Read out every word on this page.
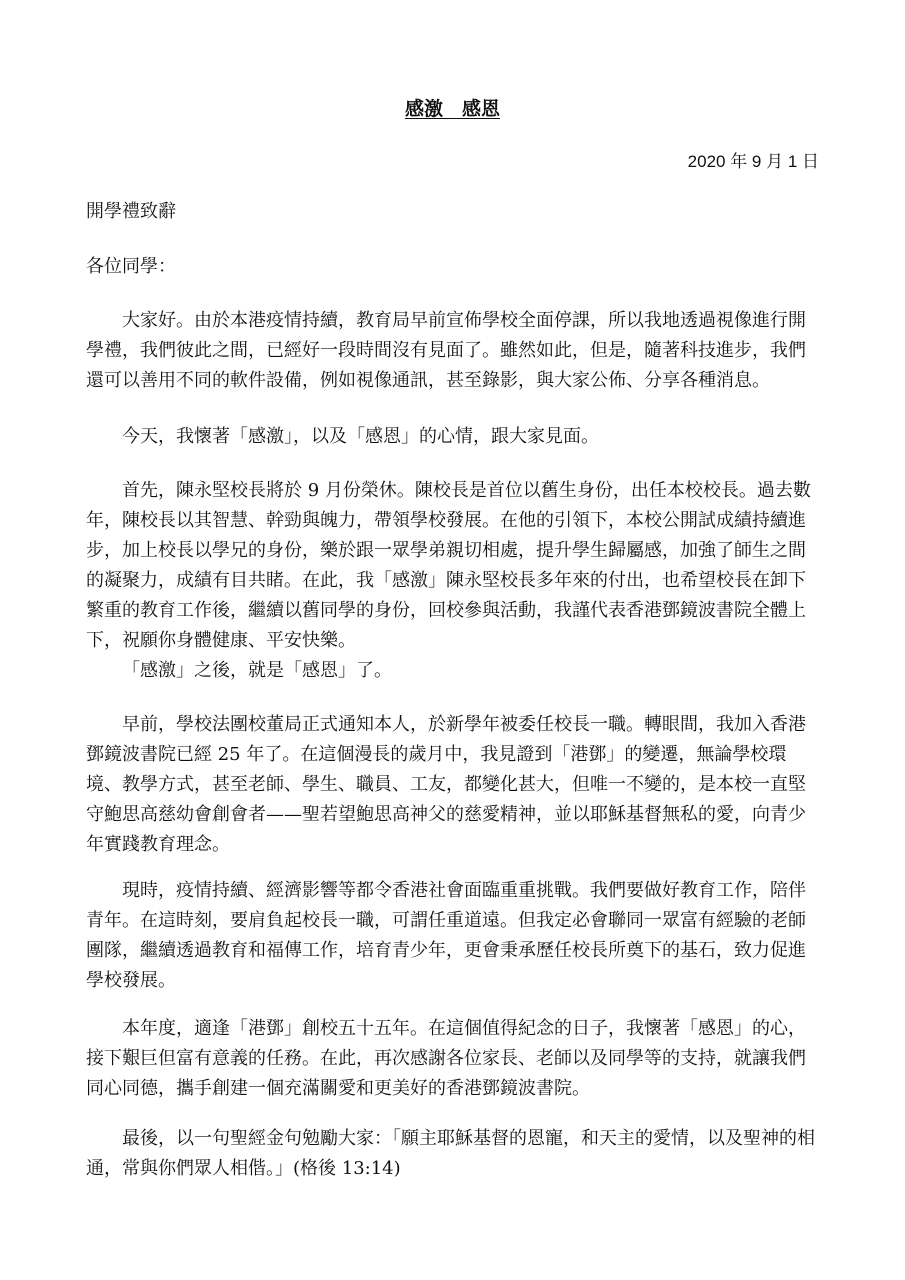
感激　感恩
2020 年 9 月 1 日

開學禮致辭

各位同學：

大家好。由於本港疫情持續，教育局早前宣佈學校全面停課，所以我地透過視像進行開學禮，我們彼此之間，已經好一段時間沒有見面了。雖然如此，但是，隨著科技進步，我們還可以善用不同的軟件設備，例如視像通訊，甚至錄影，與大家公佈、分享各種消息。

今天，我懷著「感激」，以及「感恩」的心情，跟大家見面。

首先，陳永堅校長將於 9 月份榮休。陳校長是首位以舊生身份，出任本校校長。過去數年，陳校長以其智慧、幹勁與魄力，帶領學校發展。在他的引領下，本校公開試成績持續進步，加上校長以學兄的身份，樂於跟一眾學弟親切相處，提升學生歸屬感，加強了師生之間的凝聚力，成績有目共睹。在此，我「感激」陳永堅校長多年來的付出，也希望校長在卸下繁重的教育工作後，繼續以舊同學的身份，回校參與活動，我謹代表香港鄧鏡波書院全體上下，祝願你身體健康、平安快樂。

「感激」之後，就是「感恩」了。

早前，學校法團校董局正式通知本人，於新學年被委任校長一職。轉眼間，我加入香港鄧鏡波書院已經 25 年了。在這個漫長的歲月中，我見證到「港鄧」的變遷，無論學校環境、教學方式，甚至老師、學生、職員、工友，都變化甚大，但唯一不變的，是本校一直堅守鮑思高慈幼會創會者——聖若望鮑思高神父的慈愛精神，並以耶穌基督無私的愛，向青少年實踐教育理念。

現時，疫情持續、經濟影響等都令香港社會面臨重重挑戰。我們要做好教育工作，陪伴青年。在這時刻，要肩負起校長一職，可謂任重道遠。但我定必會聯同一眾富有經驗的老師團隊，繼續透過教育和福傳工作，培育青少年，更會秉承歷任校長所奠下的基石，致力促進學校發展。

本年度，適逢「港鄧」創校五十五年。在這個值得紀念的日子，我懷著「感恩」的心，接下艱巨但富有意義的任務。在此，再次感謝各位家長、老師以及同學等的支持，就讓我們同心同德，攜手創建一個充滿關愛和更美好的香港鄧鏡波書院。

最後，以一句聖經金句勉勵大家：「願主耶穌基督的恩寵，和天主的愛情，以及聖神的相通，常與你們眾人相偕。」(格後 13:14)
